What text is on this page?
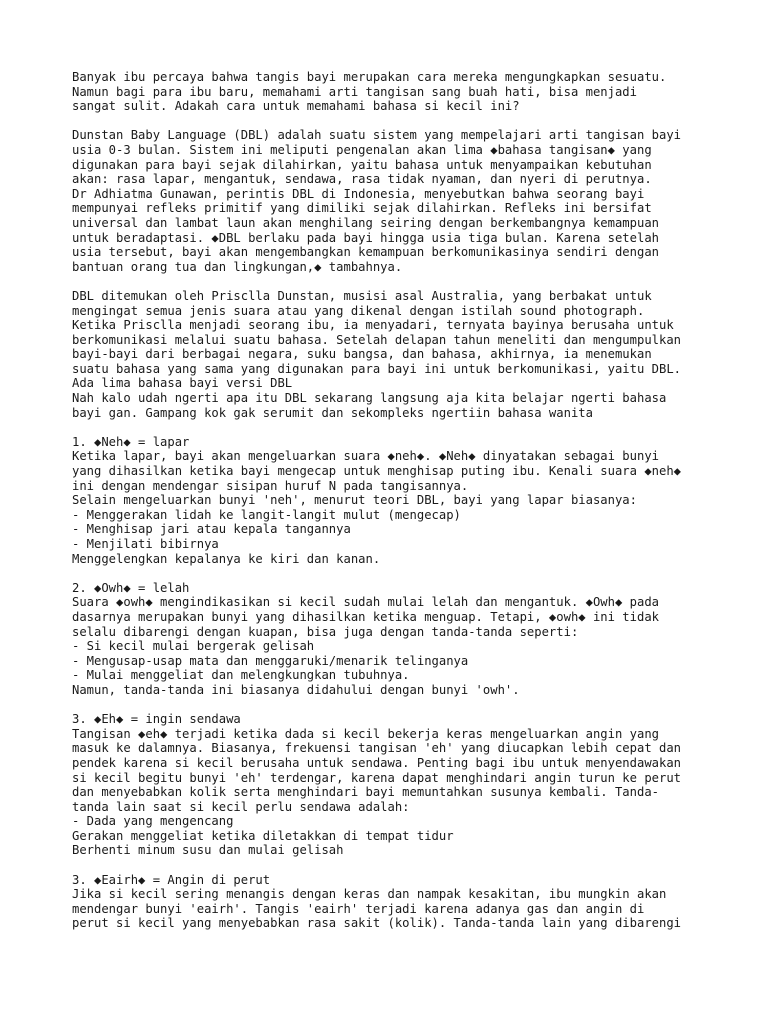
Banyak ibu percaya bahwa tangis bayi merupakan cara mereka mengungkapkan sesuatu.
Namun bagi para ibu baru, memahami arti tangisan sang buah hati, bisa menjadi
sangat sulit. Adakah cara untuk memahami bahasa si kecil ini?
Dunstan Baby Language (DBL) adalah suatu sistem yang mempelajari arti tangisan bayi
usia 0-3 bulan. Sistem ini meliputi pengenalan akan lima ◆bahasa tangisan◆ yang
digunakan para bayi sejak dilahirkan, yaitu bahasa untuk menyampaikan kebutuhan
akan: rasa lapar, mengantuk, sendawa, rasa tidak nyaman, dan nyeri di perutnya.
Dr Adhiatma Gunawan, perintis DBL di Indonesia, menyebutkan bahwa seorang bayi
mempunyai refleks primitif yang dimiliki sejak dilahirkan. Refleks ini bersifat
universal dan lambat laun akan menghilang seiring dengan berkembangnya kemampuan
untuk beradaptasi. ◆DBL berlaku pada bayi hingga usia tiga bulan. Karena setelah
usia tersebut, bayi akan mengembangkan kemampuan berkomunikasinya sendiri dengan
bantuan orang tua dan lingkungan,◆ tambahnya.
DBL ditemukan oleh Prisclla Dunstan, musisi asal Australia, yang berbakat untuk
mengingat semua jenis suara atau yang dikenal dengan istilah sound photograph.
Ketika Prisclla menjadi seorang ibu, ia menyadari, ternyata bayinya berusaha untuk
berkomunikasi melalui suatu bahasa. Setelah delapan tahun meneliti dan mengumpulkan
bayi-bayi dari berbagai negara, suku bangsa, dan bahasa, akhirnya, ia menemukan
suatu bahasa yang sama yang digunakan para bayi ini untuk berkomunikasi, yaitu DBL.
Ada lima bahasa bayi versi DBL
Nah kalo udah ngerti apa itu DBL sekarang langsung aja kita belajar ngerti bahasa
bayi gan. Gampang kok gak serumit dan sekompleks ngertiin bahasa wanita
1. ◆Neh◆ = lapar
Ketika lapar, bayi akan mengeluarkan suara ◆neh◆. ◆Neh◆ dinyatakan sebagai bunyi
yang dihasilkan ketika bayi mengecap untuk menghisap puting ibu. Kenali suara ◆neh◆
ini dengan mendengar sisipan huruf N pada tangisannya.
Selain mengeluarkan bunyi 'neh', menurut teori DBL, bayi yang lapar biasanya:
- Menggerakan lidah ke langit-langit mulut (mengecap)
- Menghisap jari atau kepala tangannya
- Menjilati bibirnya
Menggelengkan kepalanya ke kiri dan kanan.
2. ◆Owh◆ = lelah
Suara ◆owh◆ mengindikasikan si kecil sudah mulai lelah dan mengantuk. ◆Owh◆ pada
dasarnya merupakan bunyi yang dihasilkan ketika menguap. Tetapi, ◆owh◆ ini tidak
selalu dibarengi dengan kuapan, bisa juga dengan tanda-tanda seperti:
- Si kecil mulai bergerak gelisah
- Mengusap-usap mata dan menggaruki/menarik telinganya
- Mulai menggeliat dan melengkungkan tubuhnya.
Namun, tanda-tanda ini biasanya didahului dengan bunyi 'owh'.
3. ◆Eh◆ = ingin sendawa
Tangisan ◆eh◆ terjadi ketika dada si kecil bekerja keras mengeluarkan angin yang
masuk ke dalamnya. Biasanya, frekuensi tangisan 'eh' yang diucapkan lebih cepat dan
pendek karena si kecil berusaha untuk sendawa. Penting bagi ibu untuk menyendawakan
si kecil begitu bunyi 'eh' terdengar, karena dapat menghindari angin turun ke perut
dan menyebabkan kolik serta menghindari bayi memuntahkan susunya kembali. Tanda-
tanda lain saat si kecil perlu sendawa adalah:
- Dada yang mengencang
Gerakan menggeliat ketika diletakkan di tempat tidur
Berhenti minum susu dan mulai gelisah
3. ◆Eairh◆ = Angin di perut
Jika si kecil sering menangis dengan keras dan nampak kesakitan, ibu mungkin akan
mendengar bunyi 'eairh'. Tangis 'eairh' terjadi karena adanya gas dan angin di
perut si kecil yang menyebabkan rasa sakit (kolik). Tanda-tanda lain yang dibarengi
